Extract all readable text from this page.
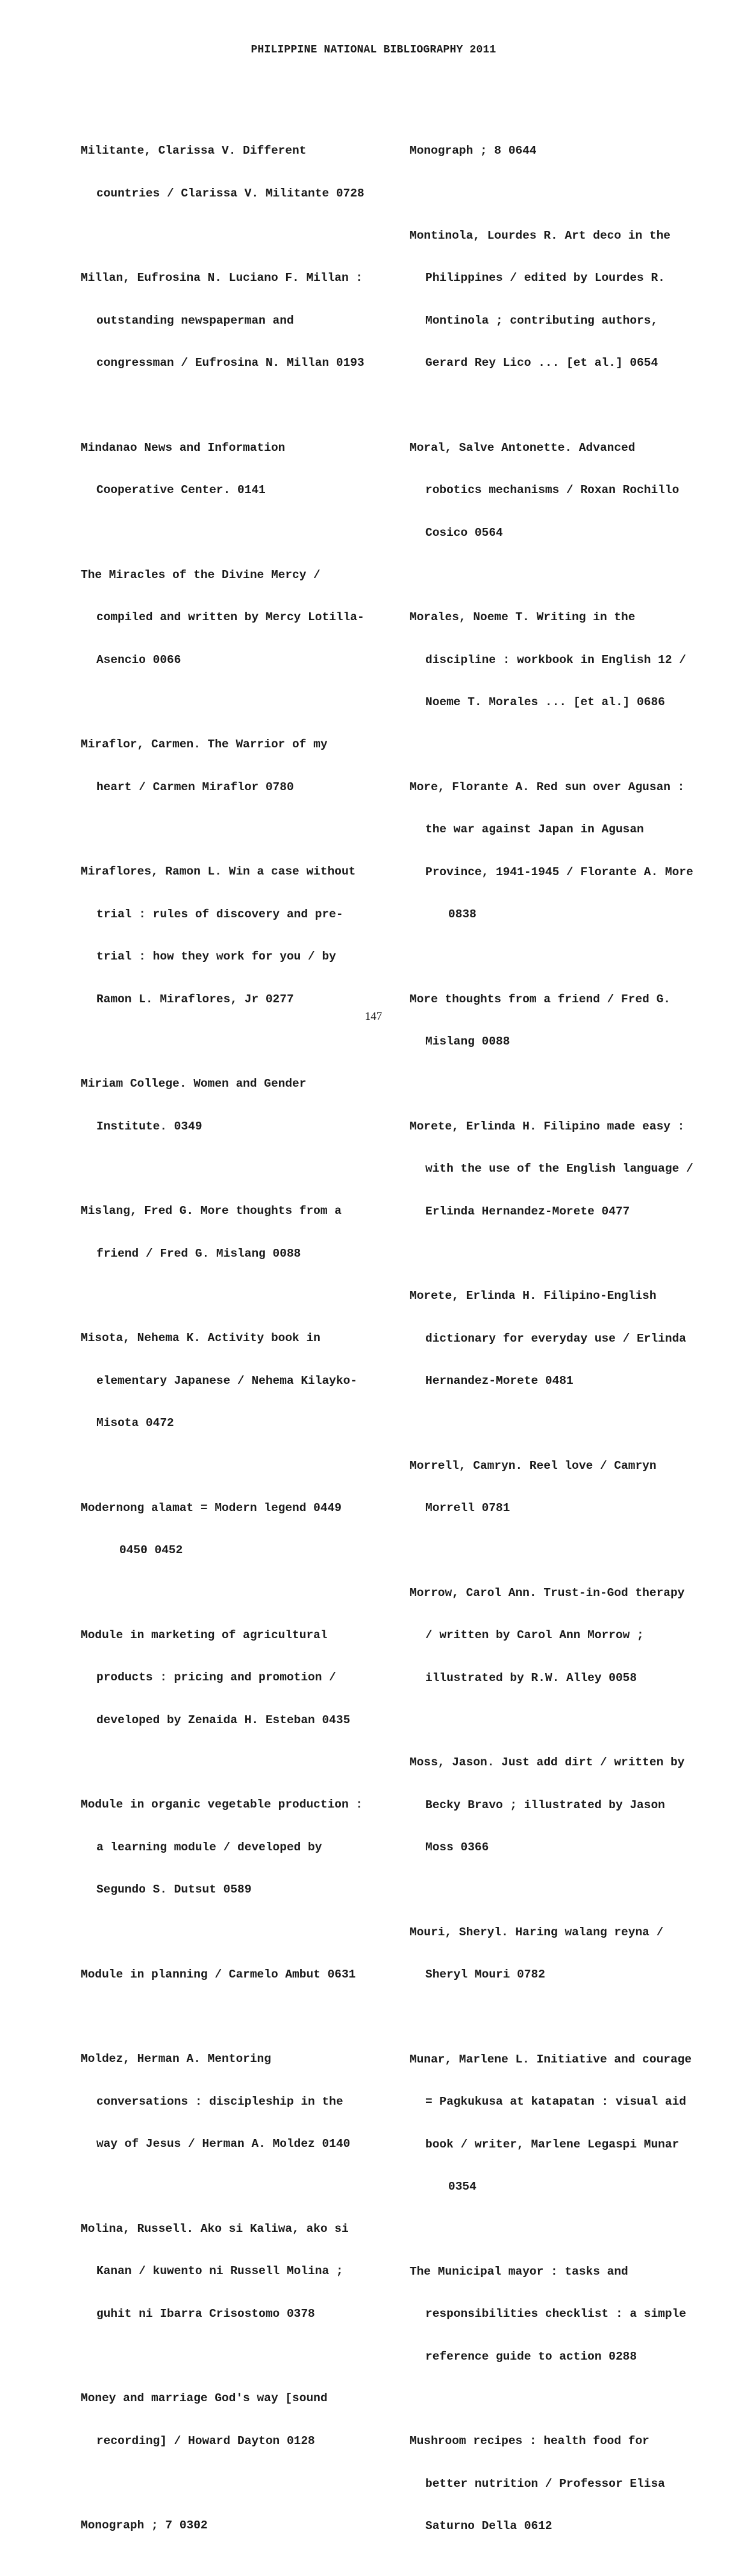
PHILIPPINE NATIONAL BIBLIOGRAPHY 2011

Militante, Clarissa V. Different

countries / Clarissa V. Militante 0728

Millan, Eufrosina N. Luciano F. Millan :

outstanding newspaperman and

congressman / Eufrosina N. Millan 0193

Mindanao News and Information

Cooperative Center. 0141

The Miracles of the Divine Mercy /

compiled and written by Mercy Lotilla-

Asencio 0066

Miraflor, Carmen. The Warrior of my

heart / Carmen Miraflor 0780

Miraflores, Ramon L. Win a case without

trial : rules of discovery and pre-

trial : how they work for you / by

Ramon L. Miraflores, Jr 0277

Miriam College. Women and Gender

Institute. 0349

Mislang, Fred G. More thoughts from a

friend / Fred G. Mislang 0088

Misota, Nehema K. Activity book in

elementary Japanese / Nehema Kilayko-

Misota 0472

Modernong alamat = Modern legend 0449

0450 0452

Module in marketing of agricultural

products : pricing and promotion /

developed by Zenaida H. Esteban 0435

Module in organic vegetable production :

a learning module / developed by

Segundo S. Dutsut 0589

Module in planning / Carmelo Ambut 0631

Moldez, Herman A. Mentoring

conversations : discipleship in the

way of Jesus / Herman A. Moldez 0140

Molina, Russell. Ako si Kaliwa, ako si

Kanan / kuwento ni Russell Molina ;

guhit ni Ibarra Crisostomo 0378

Money and marriage God's way [sound

recording] / Howard Dayton 0128

Monograph ; 7 0302

Monograph ; 8 0644

Montinola, Lourdes R. Art deco in the

Philippines / edited by Lourdes R.

Montinola ; contributing authors,

Gerard Rey Lico ... [et al.] 0654

Moral, Salve Antonette. Advanced

robotics mechanisms / Roxan Rochillo

Cosico 0564

Morales, Noeme T. Writing in the

discipline : workbook in English 12 /

Noeme T. Morales ... [et al.] 0686

More, Florante A. Red sun over Agusan :

the war against Japan in Agusan

Province, 1941-1945 / Florante A. More

0838

More thoughts from a friend / Fred G.

Mislang 0088

Morete, Erlinda H. Filipino made easy :

with the use of the English language /

Erlinda Hernandez-Morete 0477

Morete, Erlinda H. Filipino-English

dictionary for everyday use / Erlinda

Hernandez-Morete 0481

Morrell, Camryn. Reel love / Camryn

Morrell 0781

Morrow, Carol Ann. Trust-in-God therapy

/ written by Carol Ann Morrow ;

illustrated by R.W. Alley 0058

Moss, Jason. Just add dirt / written by

Becky Bravo ; illustrated by Jason

Moss 0366

Mouri, Sheryl. Haring walang reyna /

Sheryl Mouri 0782

Munar, Marlene L. Initiative and courage

= Pagkukusa at katapatan : visual aid

book / writer, Marlene Legaspi Munar

0354

The Municipal mayor : tasks and

responsibilities checklist : a simple

reference guide to action 0288

Mushroom recipes : health food for

better nutrition / Professor Elisa

Saturno Della 0612

147
